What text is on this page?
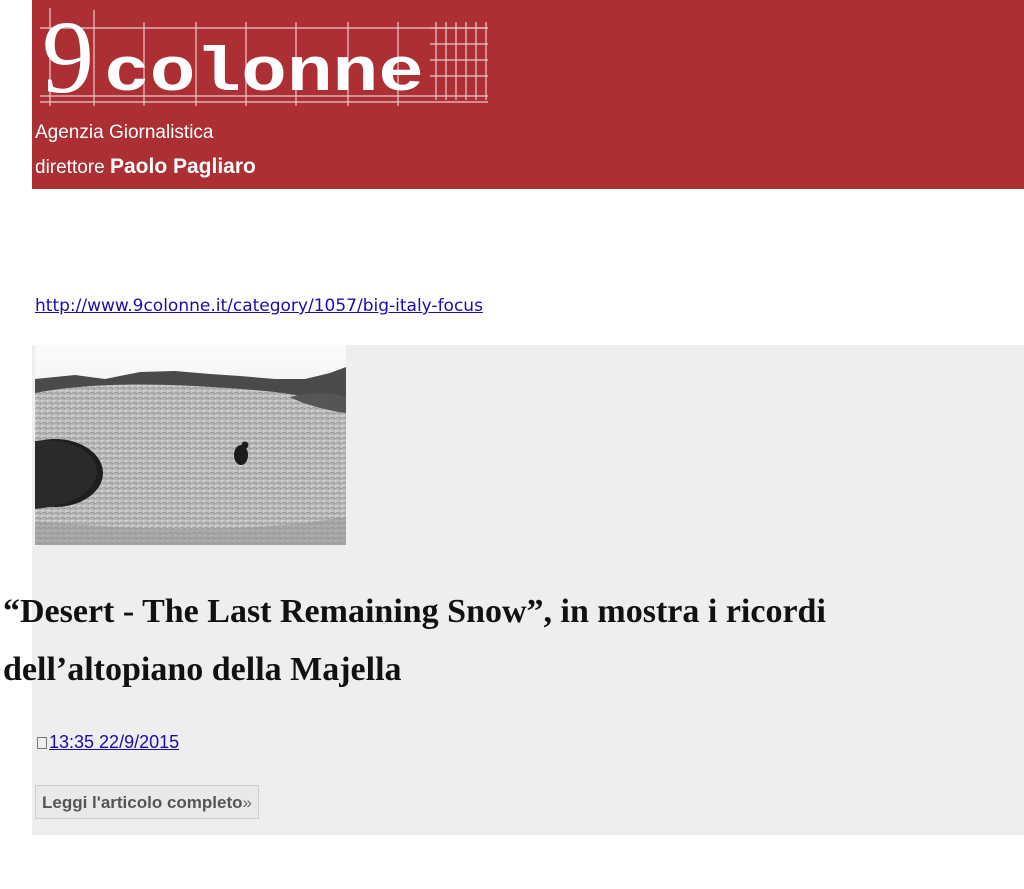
9 colonne
Agenzia Giornalistica
direttore Paolo Pagliaro
http://www.9colonne.it/category/1057/big-italy-focus
“Desert - The Last Remaining Snow”, in mostra i ricordi dell’altopiano della Majella
13:35 22/9/2015
Leggi l'articolo completo»
